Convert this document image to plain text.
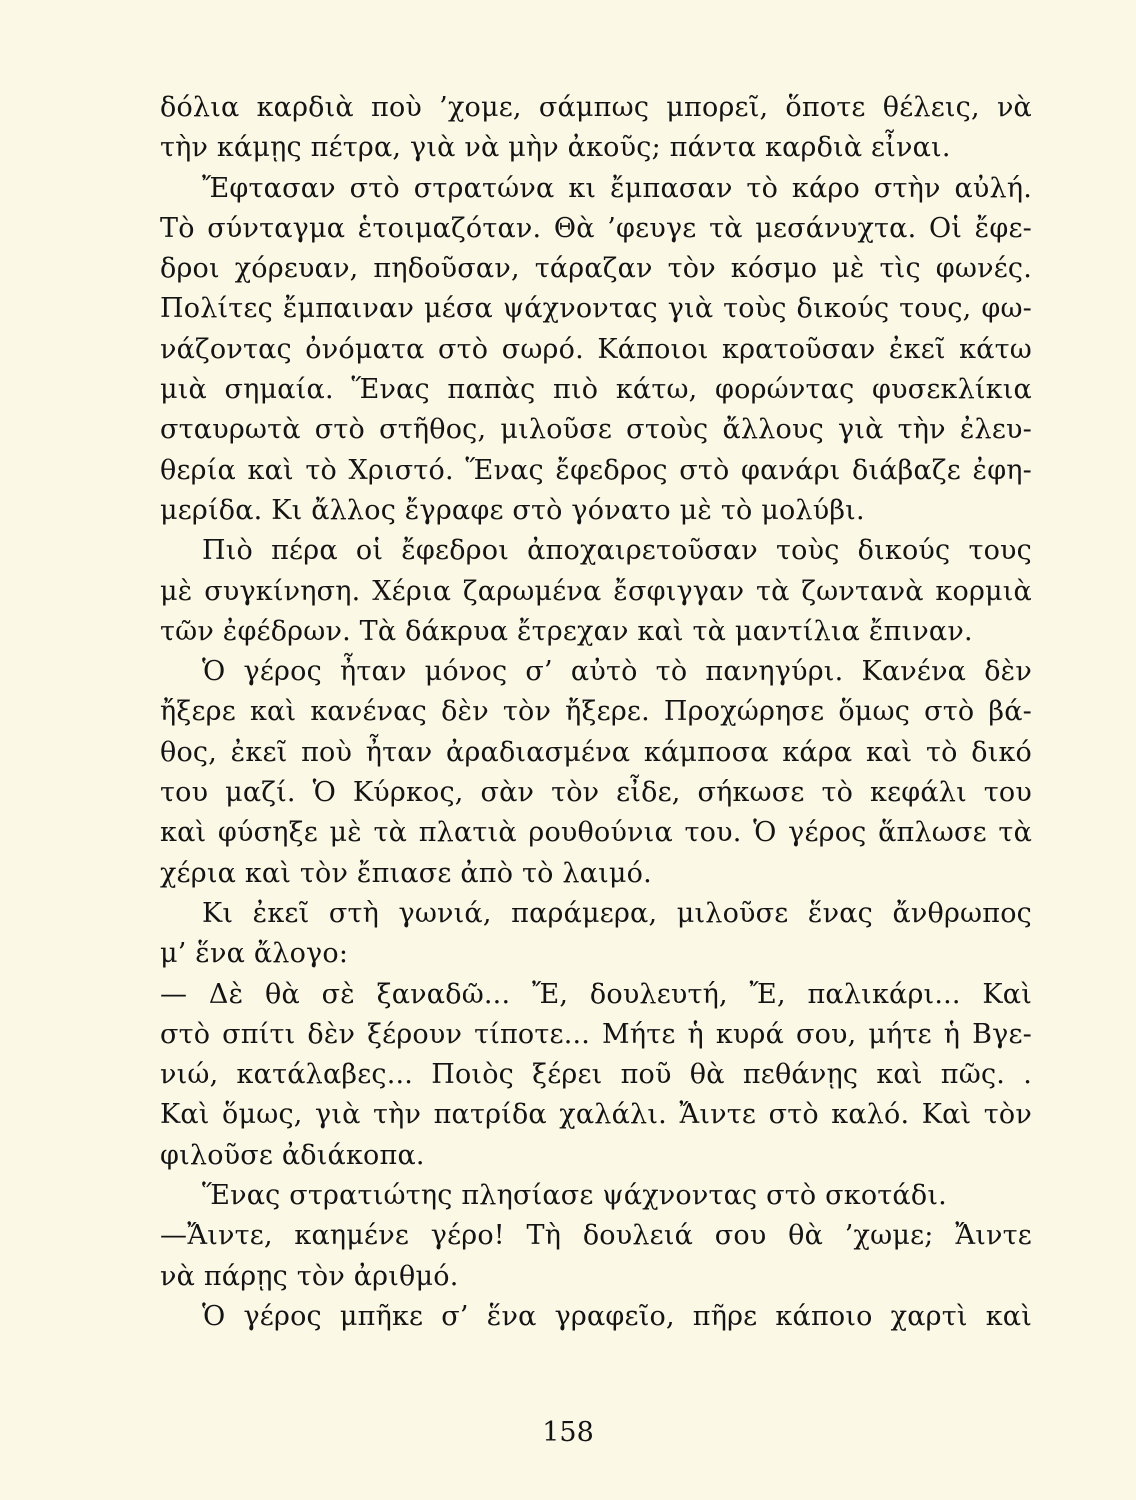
δόλια καρδιὰ ποὺ ’χομε, σάμπως μπορεῖ, ὅποτε θέλεις, νὰ

τὴν κάμῃς πέτρα, γιὰ νὰ μὴν ἀκοῦς; πάντα καρδιὰ εἶναι.

Ἔφτασαν στὸ στρατώνα κι ἔμπασαν τὸ κάρο στὴν αὐλή.

Τὸ σύνταγμα ἑτοιμαζόταν. Θὰ ’φευγε τὰ μεσάνυχτα. Οἱ ἔφε-

δροι χόρευαν, πηδοῦσαν, τάραζαν τὸν κόσμο μὲ τὶς φωνές.

Πολίτες ἔμπαιναν μέσα ψάχνοντας γιὰ τοὺς δικούς τους, φω-

νάζοντας ὀνόματα στὸ σωρό. Κάποιοι κρατοῦσαν ἐκεῖ κάτω

μιὰ σημαία. Ἕνας παπὰς πιὸ κάτω, φορώντας φυσεκλίκια

σταυρωτὰ στὸ στῆθος, μιλοῦσε στοὺς ἄλλους γιὰ τὴν ἐλευ-

θερία καὶ τὸ Χριστό. Ἕνας ἔφεδρος στὸ φανάρι διάβαζε ἐφη-

μερίδα. Κι ἄλλος ἔγραφε στὸ γόνατο μὲ τὸ μολύβι.

Πιὸ πέρα οἱ ἔφεδροι ἀποχαιρετοῦσαν τοὺς δικούς τους

μὲ συγκίνηση. Χέρια ζαρωμένα ἔσφιγγαν τὰ ζωντανὰ κορμιὰ

τῶν ἐφέδρων. Τὰ δάκρυα ἔτρεχαν καὶ τὰ μαντίλια ἔπιναν.

Ὁ γέρος ἦταν μόνος σ’ αὐτὸ τὸ πανηγύρι. Κανένα δὲν

ἤξερε καὶ κανένας δὲν τὸν ἤξερε. Προχώρησε ὅμως στὸ βά-

θος, ἐκεῖ ποὺ ἦταν ἀραδιασμένα κάμποσα κάρα καὶ τὸ δικό

του μαζί. Ὁ Κύρκος, σὰν τὸν εἶδε, σήκωσε τὸ κεφάλι του

καὶ φύσηξε μὲ τὰ πλατιὰ ρουθούνια του. Ὁ γέρος ἅπλωσε τὰ

χέρια καὶ τὸν ἔπιασε ἀπὸ τὸ λαιμό.

Κι ἐκεῖ στὴ γωνιά, παράμερα, μιλοῦσε ἕνας ἄνθρωπος

μ’ ἕνα ἄλογο:

— Δὲ θὰ σὲ ξαναδῶ... Ἔ, δουλευτή, Ἔ, παλικάρι... Καὶ

στὸ σπίτι δὲν ξέρουν τίποτε... Μήτε ἡ κυρά σου, μήτε ἡ Βγε-

νιώ, κατάλαβες... Ποιὸς ξέρει ποῦ θὰ πεθάνῃς καὶ πῶς. .

Καὶ ὅμως, γιὰ τὴν πατρίδα χαλάλι. Ἄιντε στὸ καλό. Καὶ τὸν

φιλοῦσε ἀδιάκοπα.

Ἕνας στρατιώτης πλησίασε ψάχνοντας στὸ σκοτάδι.

—Ἄιντε, καημένε γέρο! Τὴ δουλειά σου θὰ ’χωμε; Ἄιντε

νὰ πάρῃς τὸν ἀριθμό.

Ὁ γέρος μπῆκε σ’ ἕνα γραφεῖο, πῆρε κάποιο χαρτὶ καὶ

158
